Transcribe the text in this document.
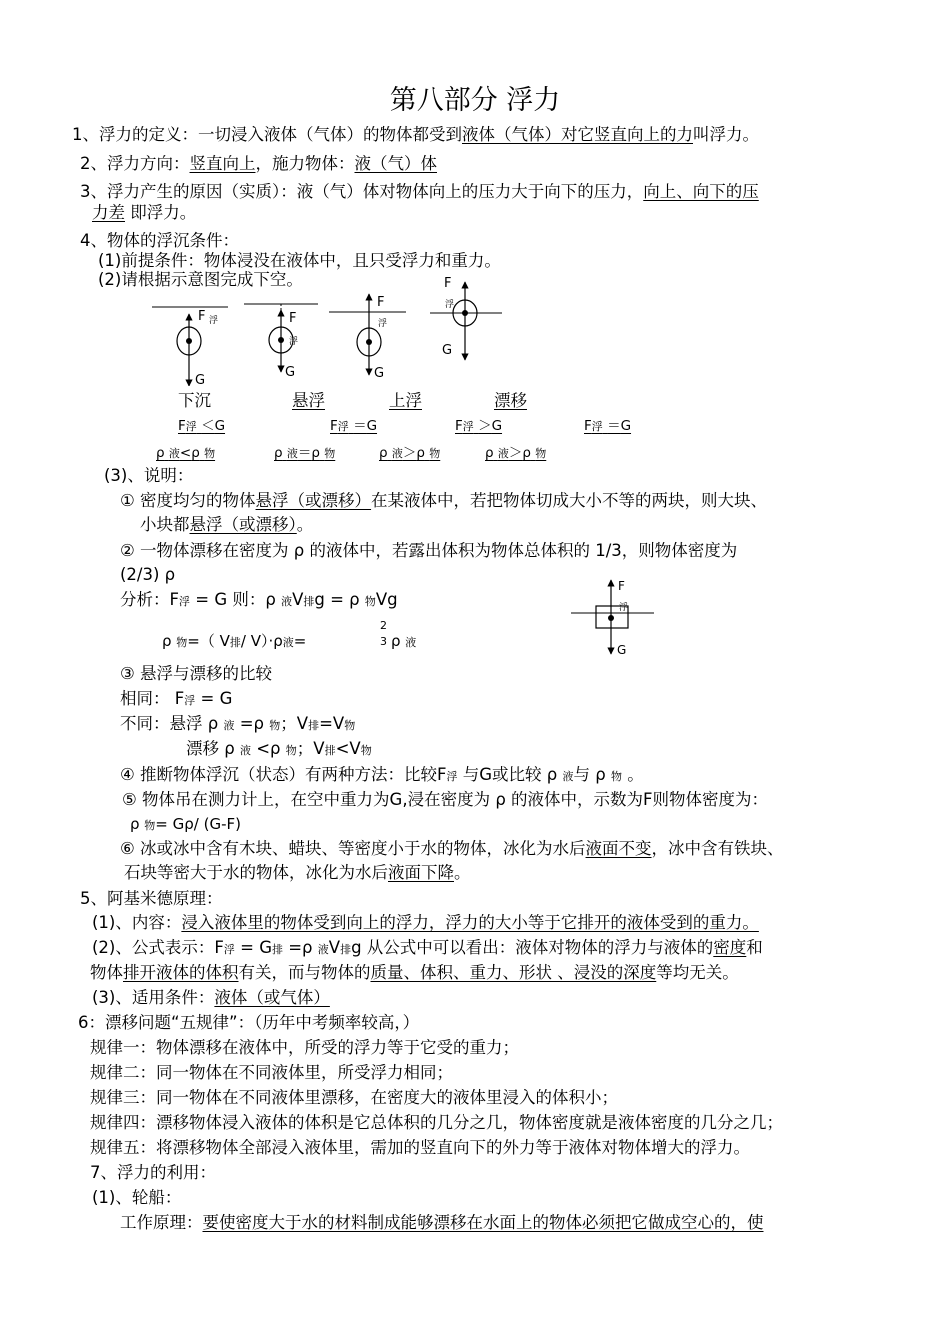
第八部分 浮力
1、浮力的定义：一切浸入液体（气体）的物体都受到液体（气体）对它竖直向上的力叫浮力。
2、浮力方向：竖直向上，施力物体：液（气）体
3、浮力产生的原因（实质）：液（气）体对物体向上的压力大于向下的压力，向上、向下的压
力差 即浮力。
4、物体的浮沉条件：
(1)前提条件：物体浸没在液体中，且只受浮力和重力。
(2)请根据示意图完成下空。
F 浮
G
F
浮
G
F
浮
G
F
浮
G
下沉	悬浮	上浮	漂移
F浮 ＜G	F浮 ＝G	F浮 ＞G	F浮 ＝G
ρ 液<ρ 物	ρ 液＝ρ 物	ρ 液＞ρ 物	ρ 液＞ρ 物
(3)、说明：
① 密度均匀的物体悬浮（或漂移）在某液体中，若把物体切成大小不等的两块，则大块、
小块都悬浮（或漂移）。
② 一物体漂移在密度为 ρ 的液体中，若露出体积为物体总体积的 1/3，则物体密度为
(2/3) ρ
分析：F浮 = G 则：ρ 液V排g = ρ 物Vg
ρ 物=（ V排/ V）·ρ液=
2
3 ρ 液
F
浮
G
③ 悬浮与漂移的比较
相同： F浮 = G
不同：悬浮 ρ 液 =ρ 物；V排=V物
漂移 ρ 液 <ρ 物；V排<V物
④ 推断物体浮沉（状态）有两种方法：比较F浮 与G或比较 ρ 液与 ρ 物 。
⑤ 物体吊在测力计上，在空中重力为G,浸在密度为 ρ 的液体中，示数为F则物体密度为：
ρ 物= Gρ/ (G-F)
⑥ 冰或冰中含有木块、蜡块、等密度小于水的物体，冰化为水后液面不变，冰中含有铁块、
石块等密大于水的物体，冰化为水后液面下降。
5、阿基米德原理：
(1)、内容：浸入液体里的物体受到向上的浮力，浮力的大小等于它排开的液体受到的重力。
(2)、公式表示：F浮 = G排 =ρ 液V排g 从公式中可以看出：液体对物体的浮力与液体的密度和
物体排开液体的体积有关，而与物体的质量、体积、重力、形状 、浸没的深度等均无关。
(3)、适用条件：液体（或气体）
6：漂移问题“五规律”：（历年中考频率较高，）
规律一：物体漂移在液体中，所受的浮力等于它受的重力；
规律二：同一物体在不同液体里，所受浮力相同；
规律三：同一物体在不同液体里漂移，在密度大的液体里浸入的体积小；
规律四：漂移物体浸入液体的体积是它总体积的几分之几，物体密度就是液体密度的几分之几；
规律五：将漂移物体全部浸入液体里，需加的竖直向下的外力等于液体对物体增大的浮力。
7、浮力的利用：
(1)、轮船：
工作原理：要使密度大于水的材料制成能够漂移在水面上的物体必须把它做成空心的，使
